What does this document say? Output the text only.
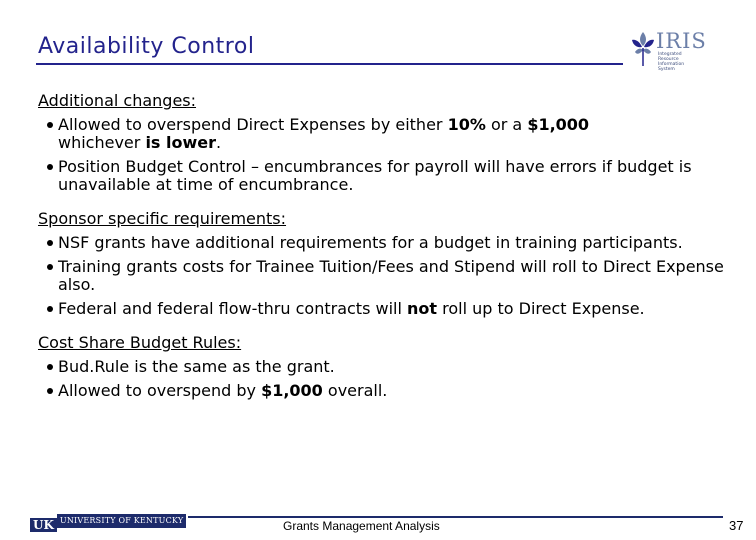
Availability Control	IRIS
Integrated Resource Information System
Additional changes:
Allowed to overspend Direct Expenses by either 10% or a $1,000
whichever is lower.
Position Budget Control – encumbrances for payroll will have errors if budget is unavailable at time of encumbrance.
Sponsor specific requirements:
NSF grants have additional requirements for a budget in training participants.
Training grants costs for Trainee Tuition/Fees and Stipend will roll to Direct Expense also.
Federal and federal flow-thru contracts will not roll up to Direct Expense.
Cost Share Budget Rules:
Bud.Rule is the same as the grant.
Allowed to overspend by $1,000 overall.
UK UNIVERSITY OF KENTUCKY	Grants Management Analysis	37
